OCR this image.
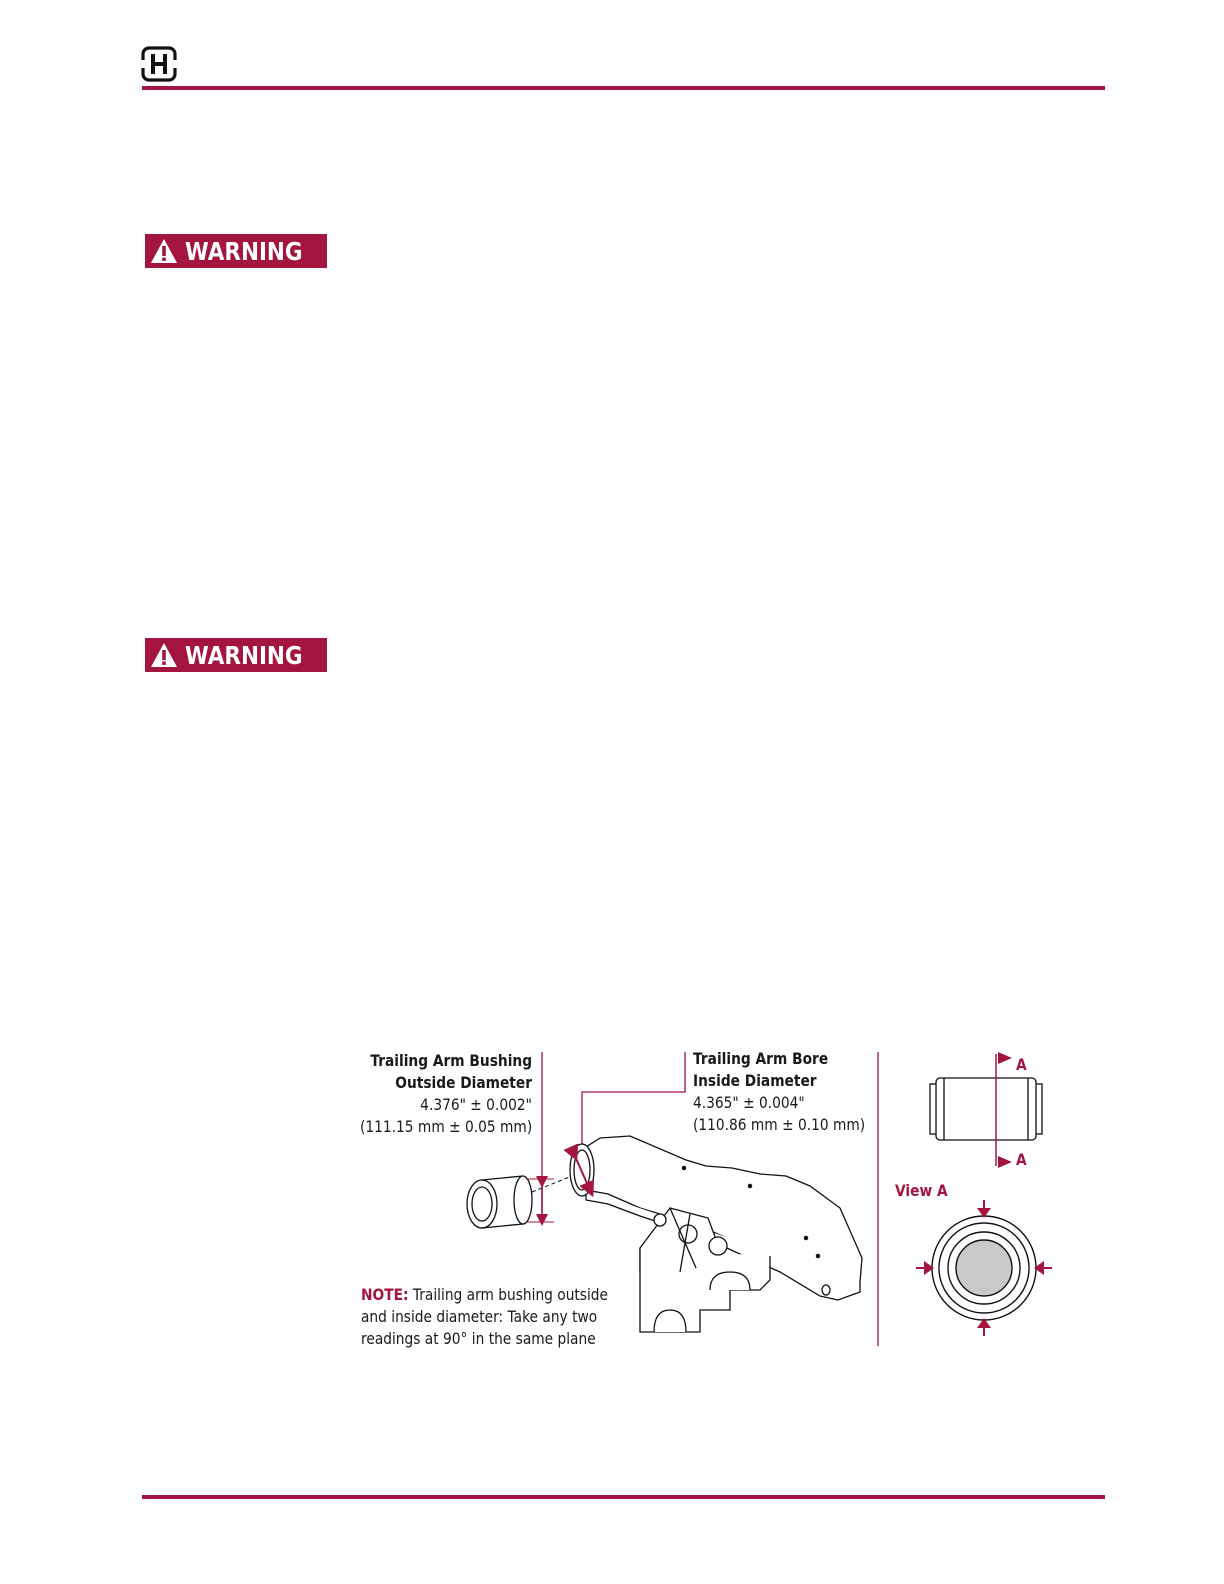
WARNING
WARNING
Trailing Arm Bushing
Outside Diameter
4.376" ± 0.002"
(111.15 mm ± 0.05 mm)
Trailing Arm Bore
Inside Diameter
4.365" ± 0.004"
(110.86 mm ± 0.10 mm)
NOTE: Trailing arm bushing outside
and inside diameter: Take any two
readings at 90° in the same plane
A
A
View A
